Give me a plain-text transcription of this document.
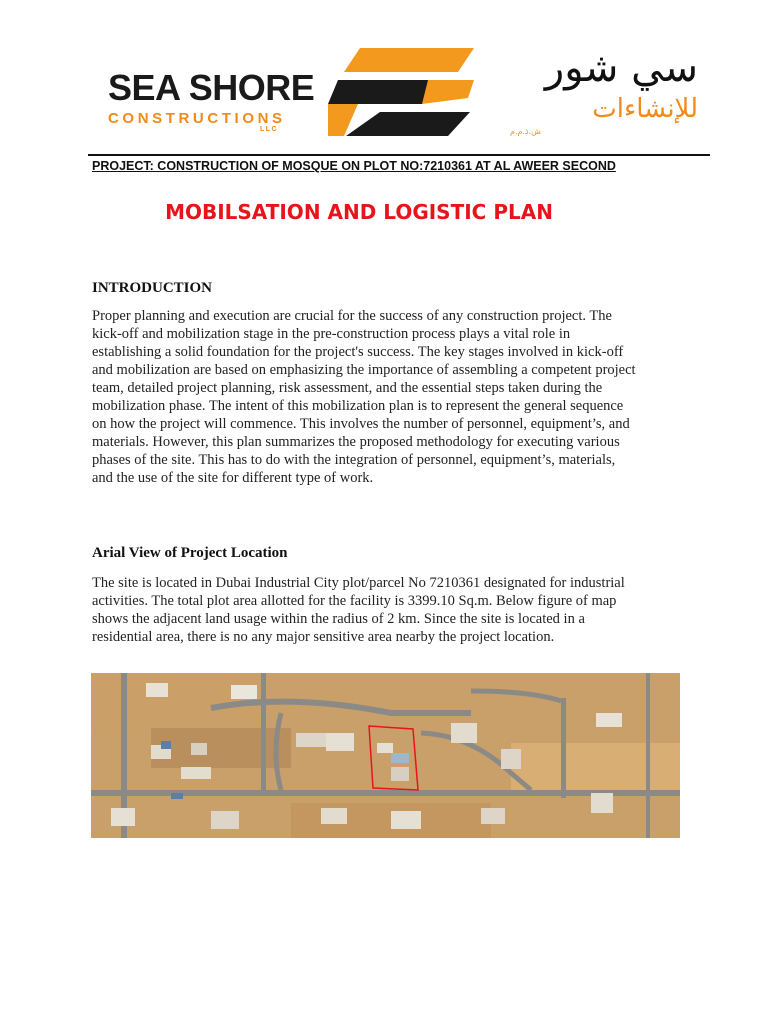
SEA SHORE
CONSTRUCTIONS
LLC
سي شور
للإنشاءات
ش.ذ.م.م
PROJECT: CONSTRUCTION OF MOSQUE ON PLOT NO:7210361 AT AL AWEER SECOND
MOBILSATION AND LOGISTIC PLAN
INTRODUCTION

Proper planning and execution are crucial for the success of any construction project. The kick-off and mobilization stage in the pre-construction process plays a vital role in establishing a solid foundation for the project's success. The key stages involved in kick-off and mobilization are based on emphasizing the importance of assembling a competent project team, detailed project planning, risk assessment, and the essential steps taken during the mobilization phase. The intent of this mobilization plan is to represent the general sequence on how the project will commence. This involves the number of personnel, equipment’s, and materials. However, this plan summarizes the proposed methodology for executing various phases of the site. This has to do with the integration of personnel, equipment’s, materials, and the use of the site for different type of work.

Arial View of Project Location

The site is located in Dubai Industrial City plot/parcel No 7210361 designated for industrial activities. The total plot area allotted for the facility is 3399.10 Sq.m. Below figure of map shows the adjacent land usage within the radius of 2 km. Since the site is located in a residential area, there is no any major sensitive area nearby the project location.
